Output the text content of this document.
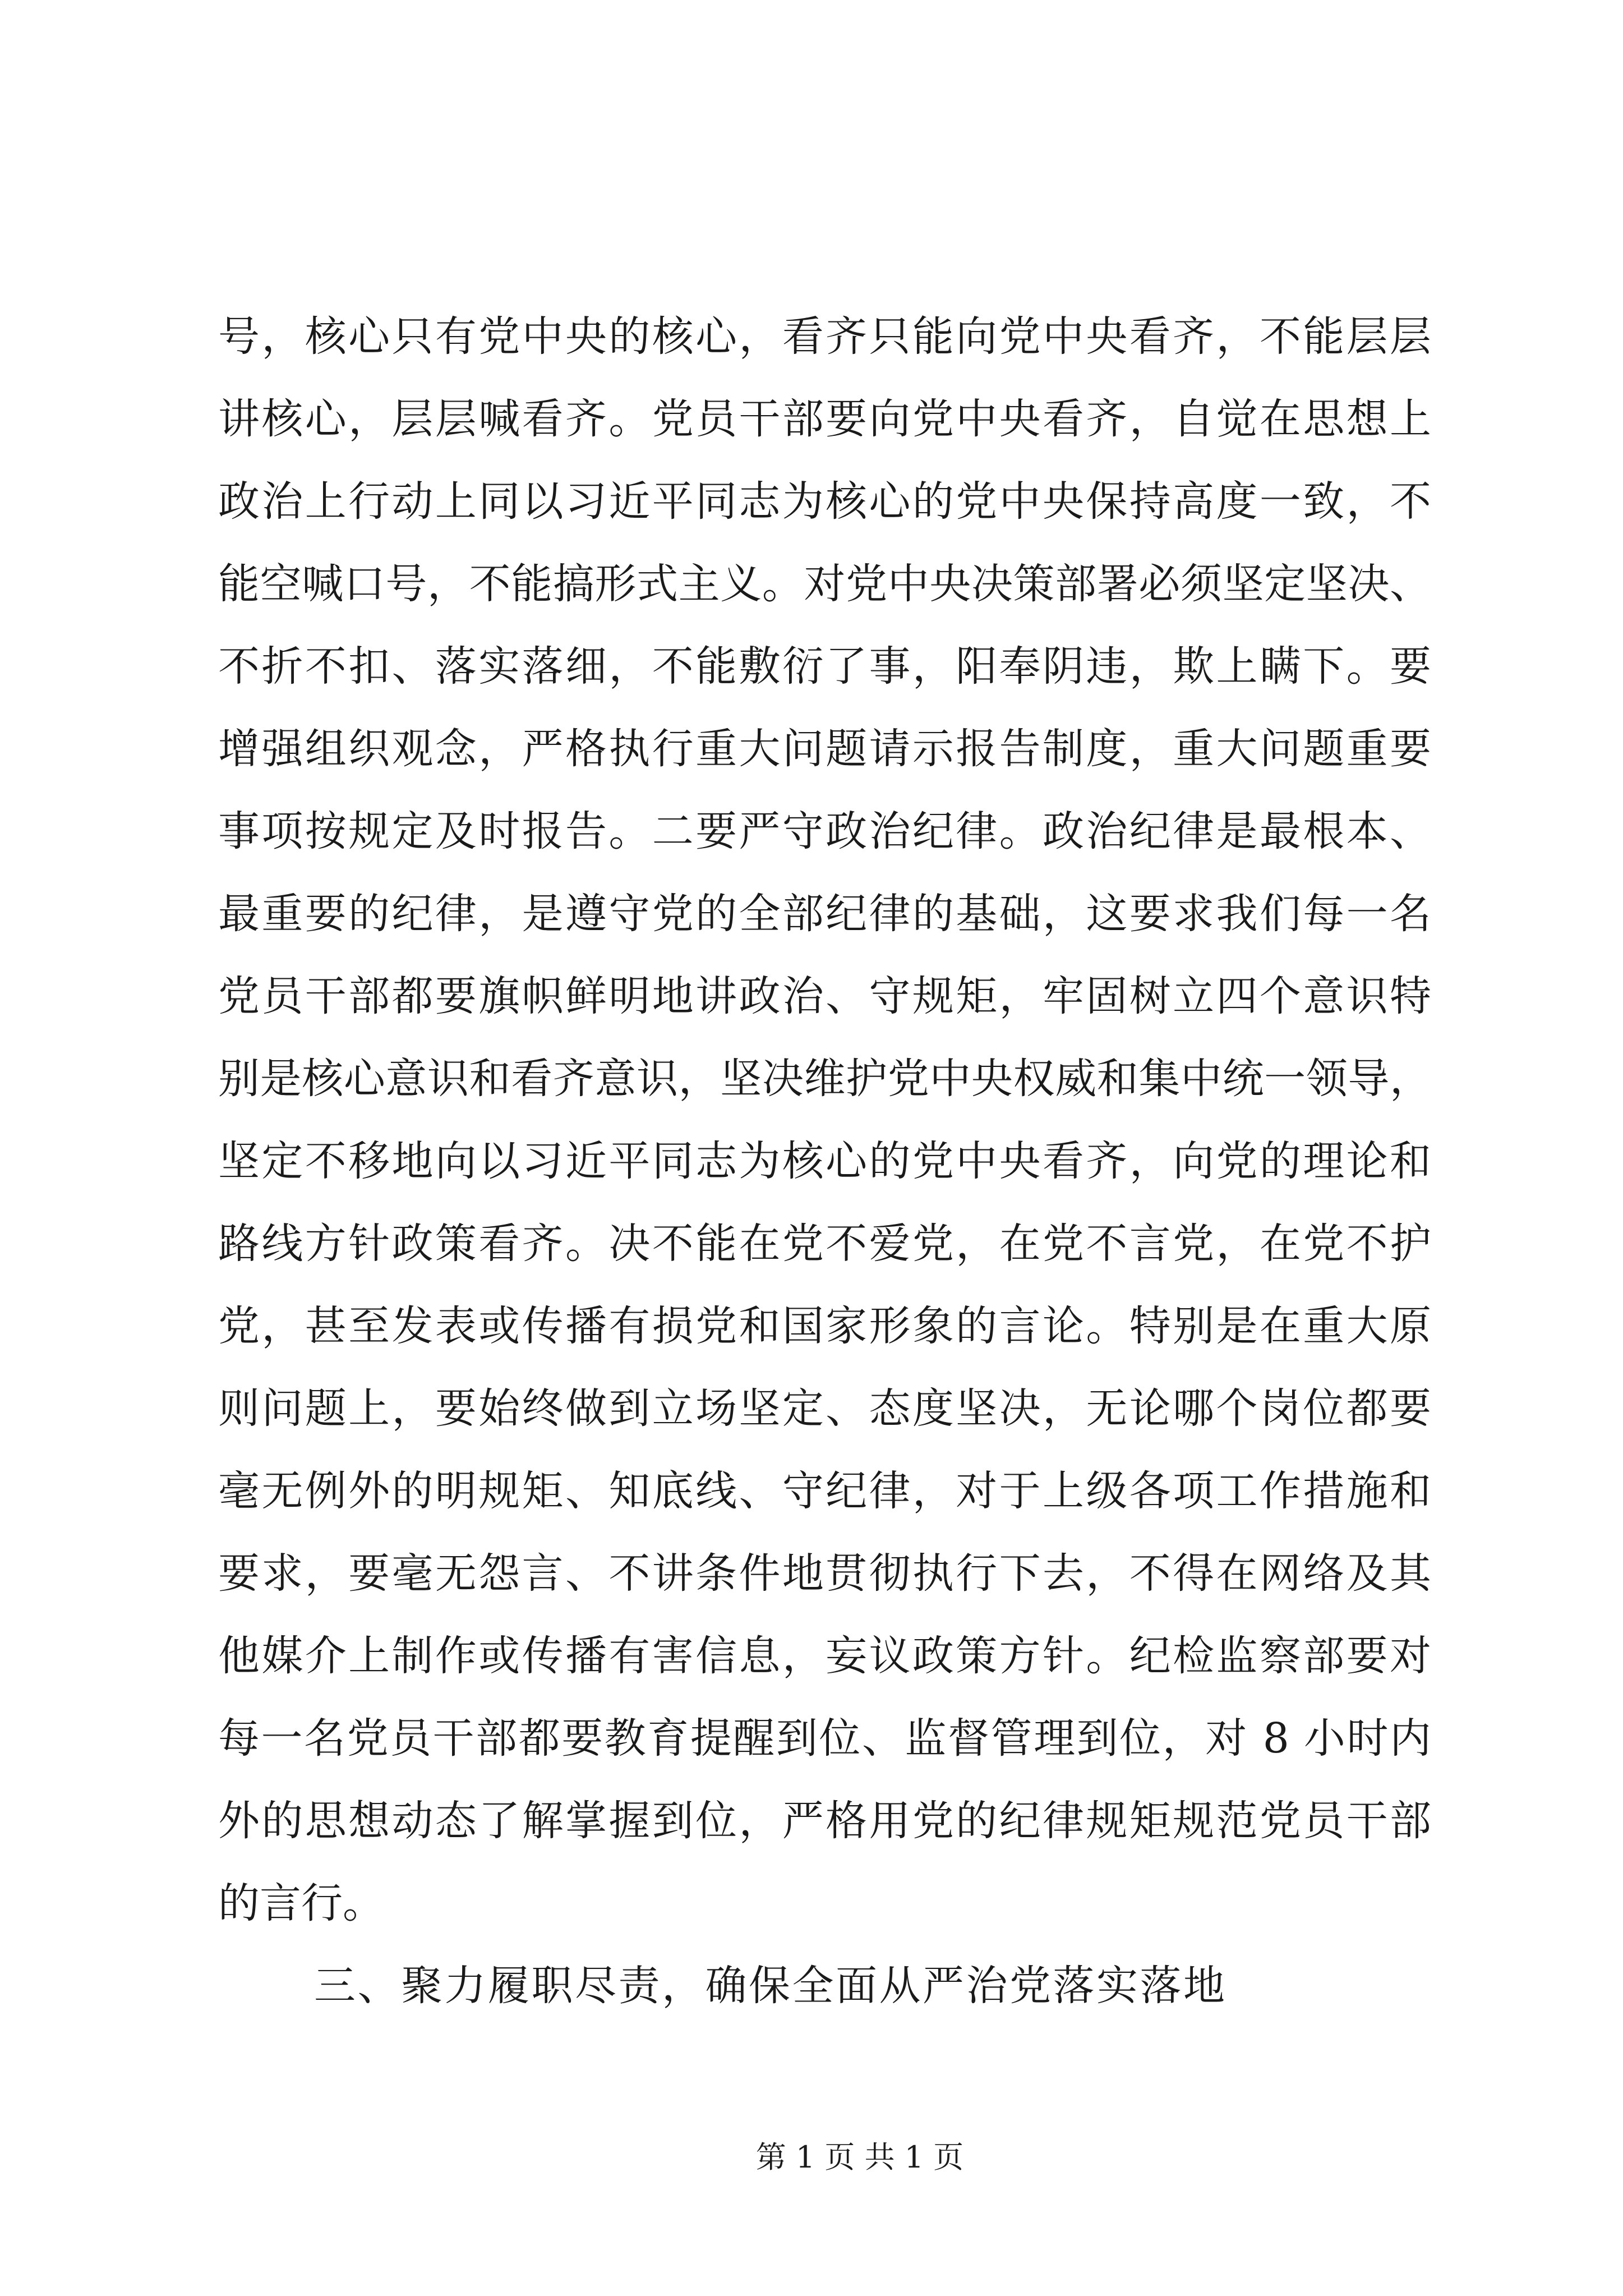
号，核心只有党中央的核心，看齐只能向党中央看齐，不能层层
讲核心，层层喊看齐。党员干部要向党中央看齐，自觉在思想上
政治上行动上同以习近平同志为核心的党中央保持高度一致，不
能空喊口号，不能搞形式主义。对党中央决策部署必须坚定坚决、
不折不扣、落实落细，不能敷衍了事，阳奉阴违，欺上瞒下。要
增强组织观念，严格执行重大问题请示报告制度，重大问题重要
事项按规定及时报告。二要严守政治纪律。政治纪律是最根本、
最重要的纪律，是遵守党的全部纪律的基础，这要求我们每一名
党员干部都要旗帜鲜明地讲政治、守规矩，牢固树立四个意识特
别是核心意识和看齐意识，坚决维护党中央权威和集中统一领导，
坚定不移地向以习近平同志为核心的党中央看齐，向党的理论和
路线方针政策看齐。决不能在党不爱党，在党不言党，在党不护
党，甚至发表或传播有损党和国家形象的言论。特别是在重大原
则问题上，要始终做到立场坚定、态度坚决，无论哪个岗位都要
毫无例外的明规矩、知底线、守纪律，对于上级各项工作措施和
要求，要毫无怨言、不讲条件地贯彻执行下去，不得在网络及其
他媒介上制作或传播有害信息，妄议政策方针。纪检监察部要对
每一名党员干部都要教育提醒到位、监督管理到位，对 8 小时内
外的思想动态了解掌握到位，严格用党的纪律规矩规范党员干部
的言行。
三、聚力履职尽责，确保全面从严治党落实落地
第 1 页 共 1 页
